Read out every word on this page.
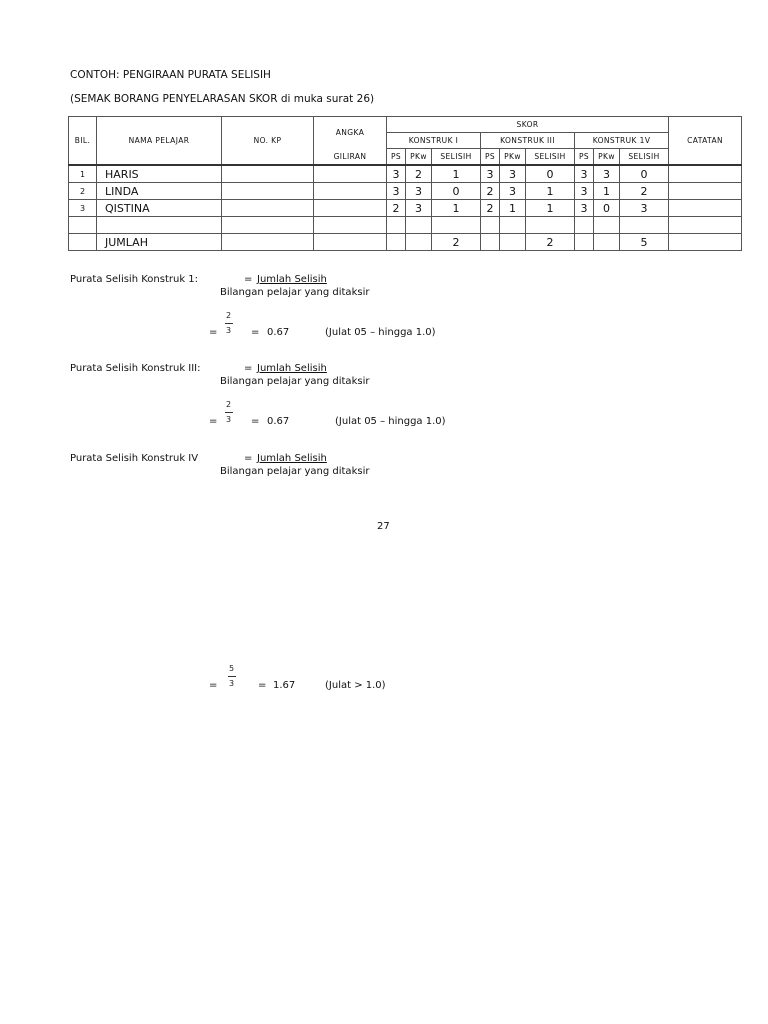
CONTOH: PENGIRAAN PURATA SELISIH
(SEMAK BORANG PENYELARASAN SKOR di muka surat 26)
BIL.	NAMA PELAJAR	NO. KP	ANGKA	SKOR									CATATAN
				KONSTRUK I			KONSTRUK III			KONSTRUK 1V			
			GILIRAN	PS	PKw	SELISIH	PS	PKw	SELISIH	PS	PKw	SELISIH	
1	HARIS			3	2	1	3	3	0	3	3	0	
2	LINDA			3	3	0	2	3	1	3	1	2	
3	QISTINA			2	3	1	2	1	1	3	0	3	

	JUMLAH					2			2			5	
Purata Selisih Konstruk 1:	= Jumlah Selisih
Bilangan pelajar yang ditaksir
2
3
=	= 0.67	(Julat 05 – hingga 1.0)
Purata Selisih Konstruk III:	= Jumlah Selisih
Bilangan pelajar yang ditaksir
2
3
=	= 0.67	(Julat 05 – hingga 1.0)
Purata Selisih Konstruk IV	= Jumlah Selisih
Bilangan pelajar yang ditaksir
27
5
3
=	= 1.67	(Julat > 1.0)
